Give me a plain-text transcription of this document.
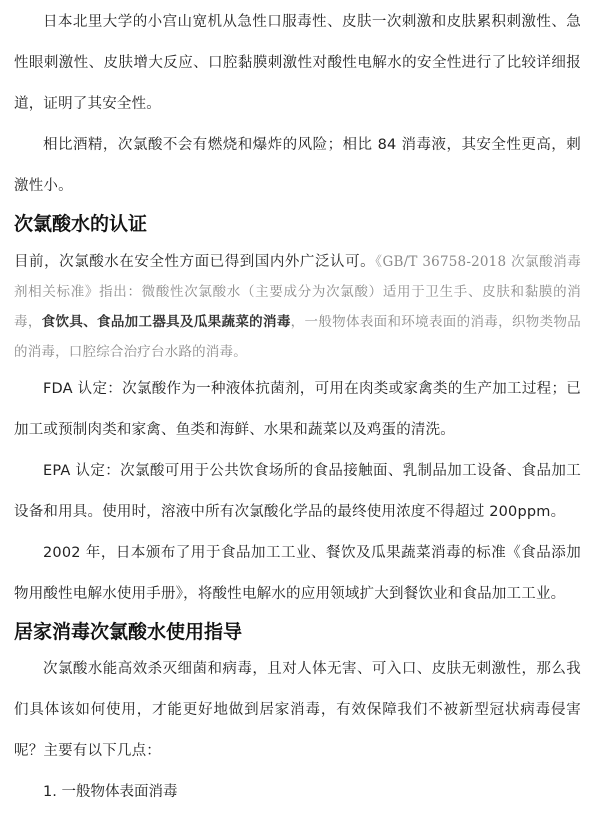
日本北里大学的小宫山宽机从急性口服毒性、皮肤一次刺激和皮肤累积刺激性、急性眼刺激性、皮肤增大反应、口腔黏膜刺激性对酸性电解水的安全性进行了比较详细报道，证明了其安全性。

相比酒精，次氯酸不会有燃烧和爆炸的风险；相比 84 消毒液，其安全性更高，刺激性小。

次氯酸水的认证

目前，次氯酸水在安全性方面已得到国内外广泛认可。《GB/T 36758-2018 次氯酸消毒剂相关标准》指出：微酸性次氯酸水（主要成分为次氯酸）适用于卫生手、皮肤和黏膜的消毒，食饮具、食品加工器具及瓜果蔬菜的消毒，一般物体表面和环境表面的消毒，织物类物品的消毒，口腔综合治疗台水路的消毒。

FDA 认定：次氯酸作为一种液体抗菌剂，可用在肉类或家禽类的生产加工过程；已加工或预制肉类和家禽、鱼类和海鲜、水果和蔬菜以及鸡蛋的清洗。

EPA 认定：次氯酸可用于公共饮食场所的食品接触面、乳制品加工设备、食品加工设备和用具。使用时，溶液中所有次氯酸化学品的最终使用浓度不得超过 200ppm。

2002 年，日本颁布了用于食品加工工业、餐饮及瓜果蔬菜消毒的标准《食品添加物用酸性电解水使用手册》，将酸性电解水的应用领域扩大到餐饮业和食品加工工业。

居家消毒次氯酸水使用指导

次氯酸水能高效杀灭细菌和病毒，且对人体无害、可入口、皮肤无刺激性，那么我们具体该如何使用，才能更好地做到居家消毒，有效保障我们不被新型冠状病毒侵害呢？主要有以下几点：

1. 一般物体表面消毒
